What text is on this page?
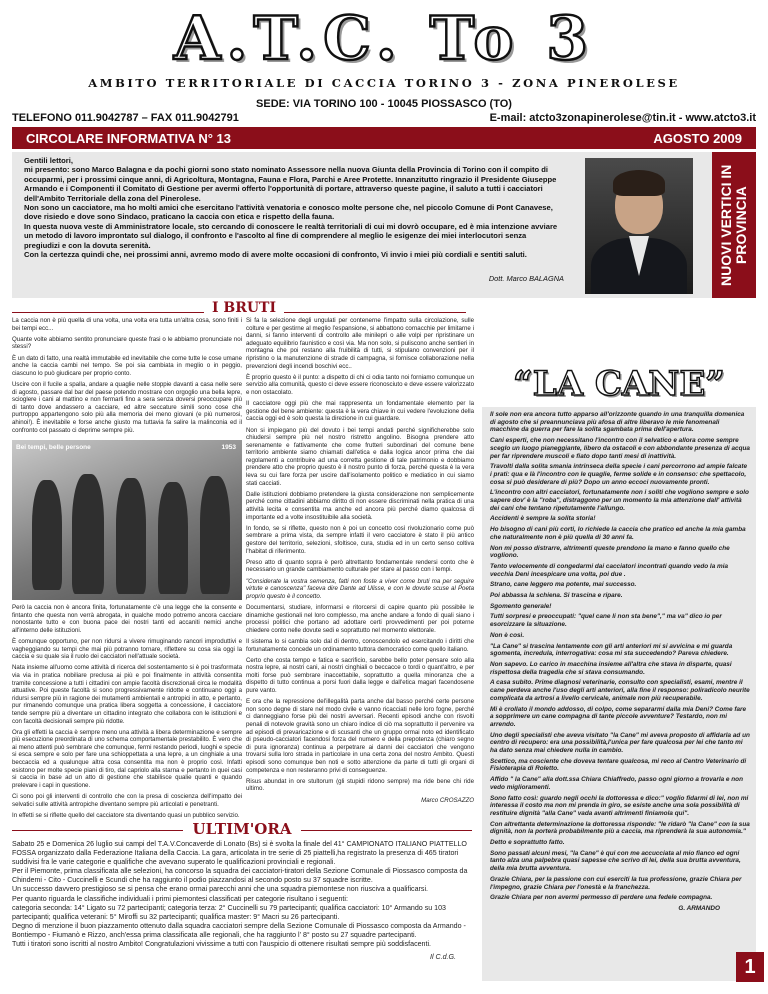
A.T.C. To 3
AMBITO TERRITORIALE DI CACCIA TORINO 3 - ZONA PINEROLESE
SEDE: VIA TORINO 100 - 10045 PIOSSASCO (TO)
TELEFONO 011.9042787 – FAX 011.9042791	E-mail: atcto3zonapinerolese@tin.it - www.atcto3.it
CIRCOLARE INFORMATIVA N° 13	AGOSTO 2009
Gentili lettori,
mi presento: sono Marco Balagna e da pochi giorni sono stato nominato Assessore nella nuova Giunta della Provincia di Torino con il compito di occuparmi, per i prossimi cinque anni, di Agricoltura, Montagna, Fauna e Flora, Parchi e Aree Protette. Innanzitutto ringrazio il Presidente Giuseppe Armando e i Componenti il Comitato di Gestione per avermi offerto l'opportunità di portare, attraverso queste pagine, il saluto a tutti i cacciatori dell'Ambito Territoriale della zona del Pinerolese.
Non sono un cacciatore, ma ho molti amici che esercitano l'attività venatoria e conosco molte persone che, nel piccolo Comune di Pont Canavese, dove risiedo e dove sono Sindaco, praticano la caccia con etica e rispetto della fauna.
In questa nuova veste di Amministratore locale, sto cercando di conoscere le realtà territoriali di cui mi dovrò occupare, ed è mia intenzione avviare un metodo di lavoro improntato sul dialogo, il confronto e l'ascolto al fine di comprendere al meglio le esigenze dei miei interlocutori senza pregiudizi e con la dovuta serenità.
Con la certezza quindi che, nei prossimi anni, avremo modo di avere molte occasioni di confronto, Vi invio i miei più cordiali e sentiti saluti.
Dott. Marco BALAGNA	NUOVI VERTICI IN PROVINCIA
I BRUTI

La caccia non è più quella di una volta, una volta era tutta un'altra cosa, sono finiti i bei tempi ecc...

Quante volte abbiamo sentito pronunciare queste frasi o le abbiamo pronunciate noi stessi?

È un dato di fatto, una realtà immutabile ed inevitabile che come tutte le cose umane anche la caccia cambi nel tempo. Se poi sia cambiata in meglio o in peggio, ciascuno lo può giudicare per proprio conto.

Uscire con il fucile a spalla, andare a quaglie nelle stoppie davanti a casa nelle sere di agosto, passare dal bar del paese potendo mostrare con orgoglio una bella lepre, scioglere i cani al mattino e non fermarli fino a sera senza doversi preoccupare più di tanto dove andassero a cacciare, ed altre seccature simili sono cose che purtroppo appartengono solo più alla memoria dei meno giovani (e più numerosi, ahinoi!). È inevitabile e forse anche giusto ma tuttavia fa salire la malinconia ed il confronto col passato ci deprime sempre più.

Bei tempi, belle persone	1953

Però la caccia non è ancora finita, fortunatamente c'è una legge che la consente e fintanto che questa non verrà abrogata, in qualche modo potremo ancora cacciare nonostante tutto e con buona pace dei nostri tanti ed accaniti nemici anche all'interno delle istituzioni.

È comunque opportuno, per non ridursi a vivere rimuginando rancori improduttivi e vagheggiando su tempi che mai più potranno tornare, riflettere su cosa sia oggi la caccia e su quale sia il ruolo dei cacciatori nell'attuale società.

Nata insieme all'uomo come attività di ricerca del sostentamento si è poi trasformata via via in pratica nobiliare preclusa ai più e poi finalmente in attività consentita tramite concessione a tutti i cittadini con ampie facoltà discrezionali circa le modalità attuative. Poi queste facoltà si sono progressivamente ridotte e continuano oggi a ridursi sempre più in ragione dei mutamenti ambientali e antropici in atto, e pertanto, pur rimanendo comunque una pratica libera soggetta a concessione, il cacciatore tende sempre più a diventare un cittadino integrato che collabora con le istituzioni e con facoltà decisionali sempre più ridotte.

Ora gli effetti la caccia è sempre meno una attività a libera determinazione e sempre più esecuzione preordinata di uno schema comportamentale prestabilito. È vero che ai meno attenti può sembrare che comunque, fermi restando periodi, luoghi e specie si esca sempre e solo per fare una schioppettata a una lepre, a un cinghiale a una beccaccia ed a qualunque altra cosa consentita ma non è proprio così. Infatti esistono per molte specie piani di tiro, dal capriolo alla starna e pertanto in quei casi si caccia in base ad un atto di gestione che stabilisce qualie quanti e quando prelevare i capi in questione.

Ci sono poi gli interventi di controllo che con la presa di coscienza dell'impatto dei selvatici sulle attività antropiche diventano sempre più articolati e penetranti.

In effetti se si riflette quello del cacciatore sta diventando quasi un pubblico servizio.

Si fa la selezione degli ungulati per contenerne l'impatto sulla circolazione, sulle colture e per gestirne al meglio l'espansione, si abbattono cornacchie per limitarne i danni, si fanno interventi di controllo alle minilepri o alle volpi per ripristinare un adeguato equilibrio faunistico e così via. Ma non solo, si puliscono anche sentieri in montagna che poi restano alla fruibilità di tutti, si stipulano convenzioni per il ripristino o la manutenzione di strade di campagna, si fornisce collaborazione nella prevenzioni degli incendi boschivi ecc..

È proprio questo è il punto: a dispetto di chi ci odia tanto noi forniamo comunque un servizio alla comunità, questo ci deve essere riconosciuto e deve essere valorizzato e non ostacolato.

Il cacciatore oggi più che mai rappresenta un fondamentale elemento per la gestione del bene ambiente: questa è la vera chiave in cui vedere l'evoluzione della caccia oggi ed è solo questa la direzione in cui guardare.

Non si impiegano più del dovuto i bei tempi andati perché significherebbe solo chiudersi sempre più nel nostro ristretto angolino. Bisogna prendere atto serenamente e fattivamente che come frutteri subordinari del comune bene territorio ambiente siamo chiamati dall'etica e dalla logica ancor prima che dai regolamenti a contribuire ad una corretta gestione di tale patrimonio e dobbiamo prendere atto che proprio questo è il nostro punto di forza, perché questa è la vera leva su cui fare forza per uscire dall'isolamento politico e mediatico in cui siamo stati cacciati.

Dalle istituzioni dobbiamo pretendere la giusta considerazione non semplicemente perché come cittadini abbiamo diritto di non essere discriminati nella pratica di una attività lecita e consentita ma anche ed ancora più perché diamo qualcosa di importante ed a volte insostituibile alla società.

In fondo, se si riflette, questo non è poi un concetto così rivoluzionario come può sembrare a prima vista, da sempre infatti il vero cacciatore è stato il più antico gestore del territorio, selezioni, sfoltisce, cura, studia ed in un certo senso coltiva l'habitat di riferimento.

Preso atto di quanto sopra è però altrettanto fondamentale rendersi conto che è necessario un grande cambiamento culturale per stare al passo con i tempi.

"Considerate la vostra semenza, fatti non foste a viver come bruti ma per seguire virtute e canoscenza" faceva dire Dante ad Ulisse, e con le dovute scuse al Poeta proprio questo è il concetto.

Documentarsi, studiare, informarsi e ritorcersi di capire quanto più possibile le dinamiche gestionali nel loro complesso, ma anche andare a fondo di quali siano i processi politici che portano ad adottare certi provvedimenti per poi poterne chiedere conto nelle dovute sedi e soprattutto nel momento elettorale.

Il sistema lo si cambia solo dal di dentro, conoscendolo ed esercitando i diritti che fortunatamente concede un ordinamento tuttora democratico come quello italiano.

Certo che costa tempo e fatica e sacrificio, sarebbe bello poter pensare solo alla nostra lepre, ai nostri cani, ai nostri cinghiali o beccacce o tordi o quant'altro, e per molti forse può sembrare inaccettabile, soprattutto a quella minoranza che a dispetto di tutto continua a porsi fuori dalla legge e dall'etica magari facendosene pure vanto.

E ora che la repressione del'illegalità parta anche dal basso perché certe persone non sono degne di stare nel modo civile e vanno ricacciati nelle loro fogne, perché ci danneggiano forse più dei nostri avversari. Recenti episodi anche con risvolti penali di notevole gravità sono un chiaro indice di ciò ma soprattutto il pervenire va ad episodi di prevaricazione e di scusanti che un gruppo ormai noto ed identificato di pseudo-cacciatori facendosi forza del numero e della prepotenza (chiaro segno di pura ignoranza) continua a perpetrare ai danni dei cacciatori che vengono trovarsi sulla loro strada in particolare in una certa zona del nostro Ambito. Questi episodi sono comunque ben noti e sotto attenzione da parte di tutti gli organi di competenza e non resteranno privi di conseguenze.

Risus abundat in ore stultorum (gli stupidi ridono sempre) ma ride bene chi ride ultimo.

Marco CROSAZZO

ULTIM'ORA

Sabato 25 e Domenica 26 luglio sui campi del T.A.V.Concaverde di Lonato (Bs) si è svolta la finale del 41° CAMPIONATO ITALIANO PIATTELLO FOSSA organizzato dalla Federazione Italiana della Caccia. La gara, articolata in tre serie di 25 piattelli,ha registrato la presenza di 465 tiratori suddivisi fra le varie categorie e qualifiche che avevano superato le qualificazioni provinciali e regionali.

Per il Piemonte, prima classificata alle selezioni, ha concorso la squadra dei cacciatori-tiratori della Sezione Comunale di Piossasco composta da Chindemi - Cito - Cuccinelli e Scundi che ha raggiunto il podio piazzandosi al secondo posto su 37 squadre iscritte.

Un successo davvero prestigioso se si pensa che erano ormai parecchi anni che una squadra piemontese non riusciva a qualificarsi.

Per quanto riguarda le classifiche individuali i primi piemontesi classificati per categorie risultano i seguenti:

categoria seconda: 14° Ligato su 72 partecipanti; categoria terza: 2° Cuccinelli su 79 partecipanti; qualifica cacciatori: 10° Armando su 103 partecipanti; qualifica veterani: 5° Miroffi su 32 partecipanti; qualifica master: 9° Macri su 26 partecipanti.

Degno di menzione il buon piazzamento ottenuto dalla squadra cacciatori sempre della Sezione Comunale di Piossasco composta da Armando - Bontiempo - Fiumanò e Rizzo, anch'essa prima classificata alle regionali, che ha raggiunto l' 8° posto su 27 squadre partecipanti.

Tutti i tiratori sono iscritti al nostro Ambito! Congratulazioni vivissime a tutti con l'auspicio di ottenere risultati sempre più soddisfacenti.

Il C.d.G.

“LA CANE”

Il sole non era ancora tutto apparso all'orizzonte quando in una tranquilla domenica di agosto che si preannunciava più afosa di altre liberavo le mie fenomenali macchine da guerra per fare la solita sgambata prima dell'apertura.

Cani esperti, che non necessitano l'incontro con il selvatico e allora come sempre sceglo un luogo pianeggiante, libero da ostacoli e con abbondante presenza di acqua per far riprendere muscoli e fiato dopo tanti mesi di inattività.

Travolti dalla solita smania intrinseca della specie i cani percorrono ad ampie falcate i prati: qua e là l'incontro con le quaglie, ferme solide e in consenso: che spettacolo, cosa si può desiderare di più? Dopo un anno eccoci nuovamente pronti.

L'incontro con altri cacciatori, fortunatamente non i soliti che vogliono sempre e solo sapere dov' è la "roba", distraggono per un momento la mia attenzione dall' attività dei cani che tentano ripetutamente l'allungo.

Accidenti è sempre la solita storia!

Ho bisogno di cani più corti, lo richiede la caccia che pratico ed anche la mia gamba che naturalmente non è più quella di 30 anni fa.

Non mi posso distrarre, altrimenti queste prendono la mano e fanno quello che vogliono.

Tento velocemente di congedarmi dai cacciatori incontrati quando vedo la mia vecchia Deni incespicare una volta, poi due .

Strano, cane leggero ma potente, mai successo.

Poi abbassa la schiena. Si trascina e ripare.

Sgomento generale!

Tutti sorpresi e preoccupati: "quel cane li non sta bene"," ma va" dico io per esorcizzare la situazione.

Non è così.

"La Cane" si trascina lentamente con gli arti anteriori mi si avvicina e mi guarda sgomenta, incredula, interrogativa: cosa mi sta succedendo? Pareva chiedere.

Non sapevo. Lo carico in macchina insieme all'altra che stava in disparte, quasi rispettosa della tragedia che si stava consumando.

A casa subito. Prime diagnosi veterinarie, consulto con specialisti, esami, mentre il cane perdeva anche l'uso degli arti anteriori, alla fine il responso: poliradicolo neurite complicata da artrosi a livello cervicale, animale non più recuperabile.

Mi è crollato il mondo addosso, di colpo, come separarmi dalla mia Deni? Come fare a sopprimere un cane compagna di tante piccole avventure? Testardo, non mi arrendo.

Uno degli specialisti che aveva visitato "la Cane" mi aveva proposto di affidarla ad un centro di recupero: era una possibilità,l'unica per fare qualcosa per lei che tanto mi ha dato senza mai chiedere nulla in cambio.

Scettico, ma cosciente che doveva tentare qualcosa, mi reco al Centro Veterinario di Fisioterapia di Roletto.

Affido " la Cane" alla dott.ssa Chiara Chiaffredo, passo ogni giorno a trovarla e non vedo miglioramenti.

Sono fatto così: guardo negli occhi la dottoressa e dico:" voglio fidarmi di lei, non mi interessa il costo ma non mi prenda in giro, se esiste anche una sola possibilità di restituire dignità "alla Cane" vada avanti altrimenti finiamola qui".

Con altrettanta determinazione la dottoressa risponde: "le ridarò "la Cane" con la sua dignità, non la porterà probabilmente più a caccia, ma riprenderà la sua autonomia."

Detto e soprattutto fatto.

Sono passati alcuni mesi, "la Cane" è qui con me accucciata al mio fianco ed ogni tanto alza una palpebra quasi sapesse che scrivo di lei, della sua brutta avventura, della mia brutta avventura.

Grazie Chiara, per la passione con cui eserciti la tua professione, grazie Chiara per l'impegno, grazie Chiara per l'onestà e la franchezza.

Grazie Chiara per non avermi permesso di perdere una fedele compagna.

G. ARMANDO

1
